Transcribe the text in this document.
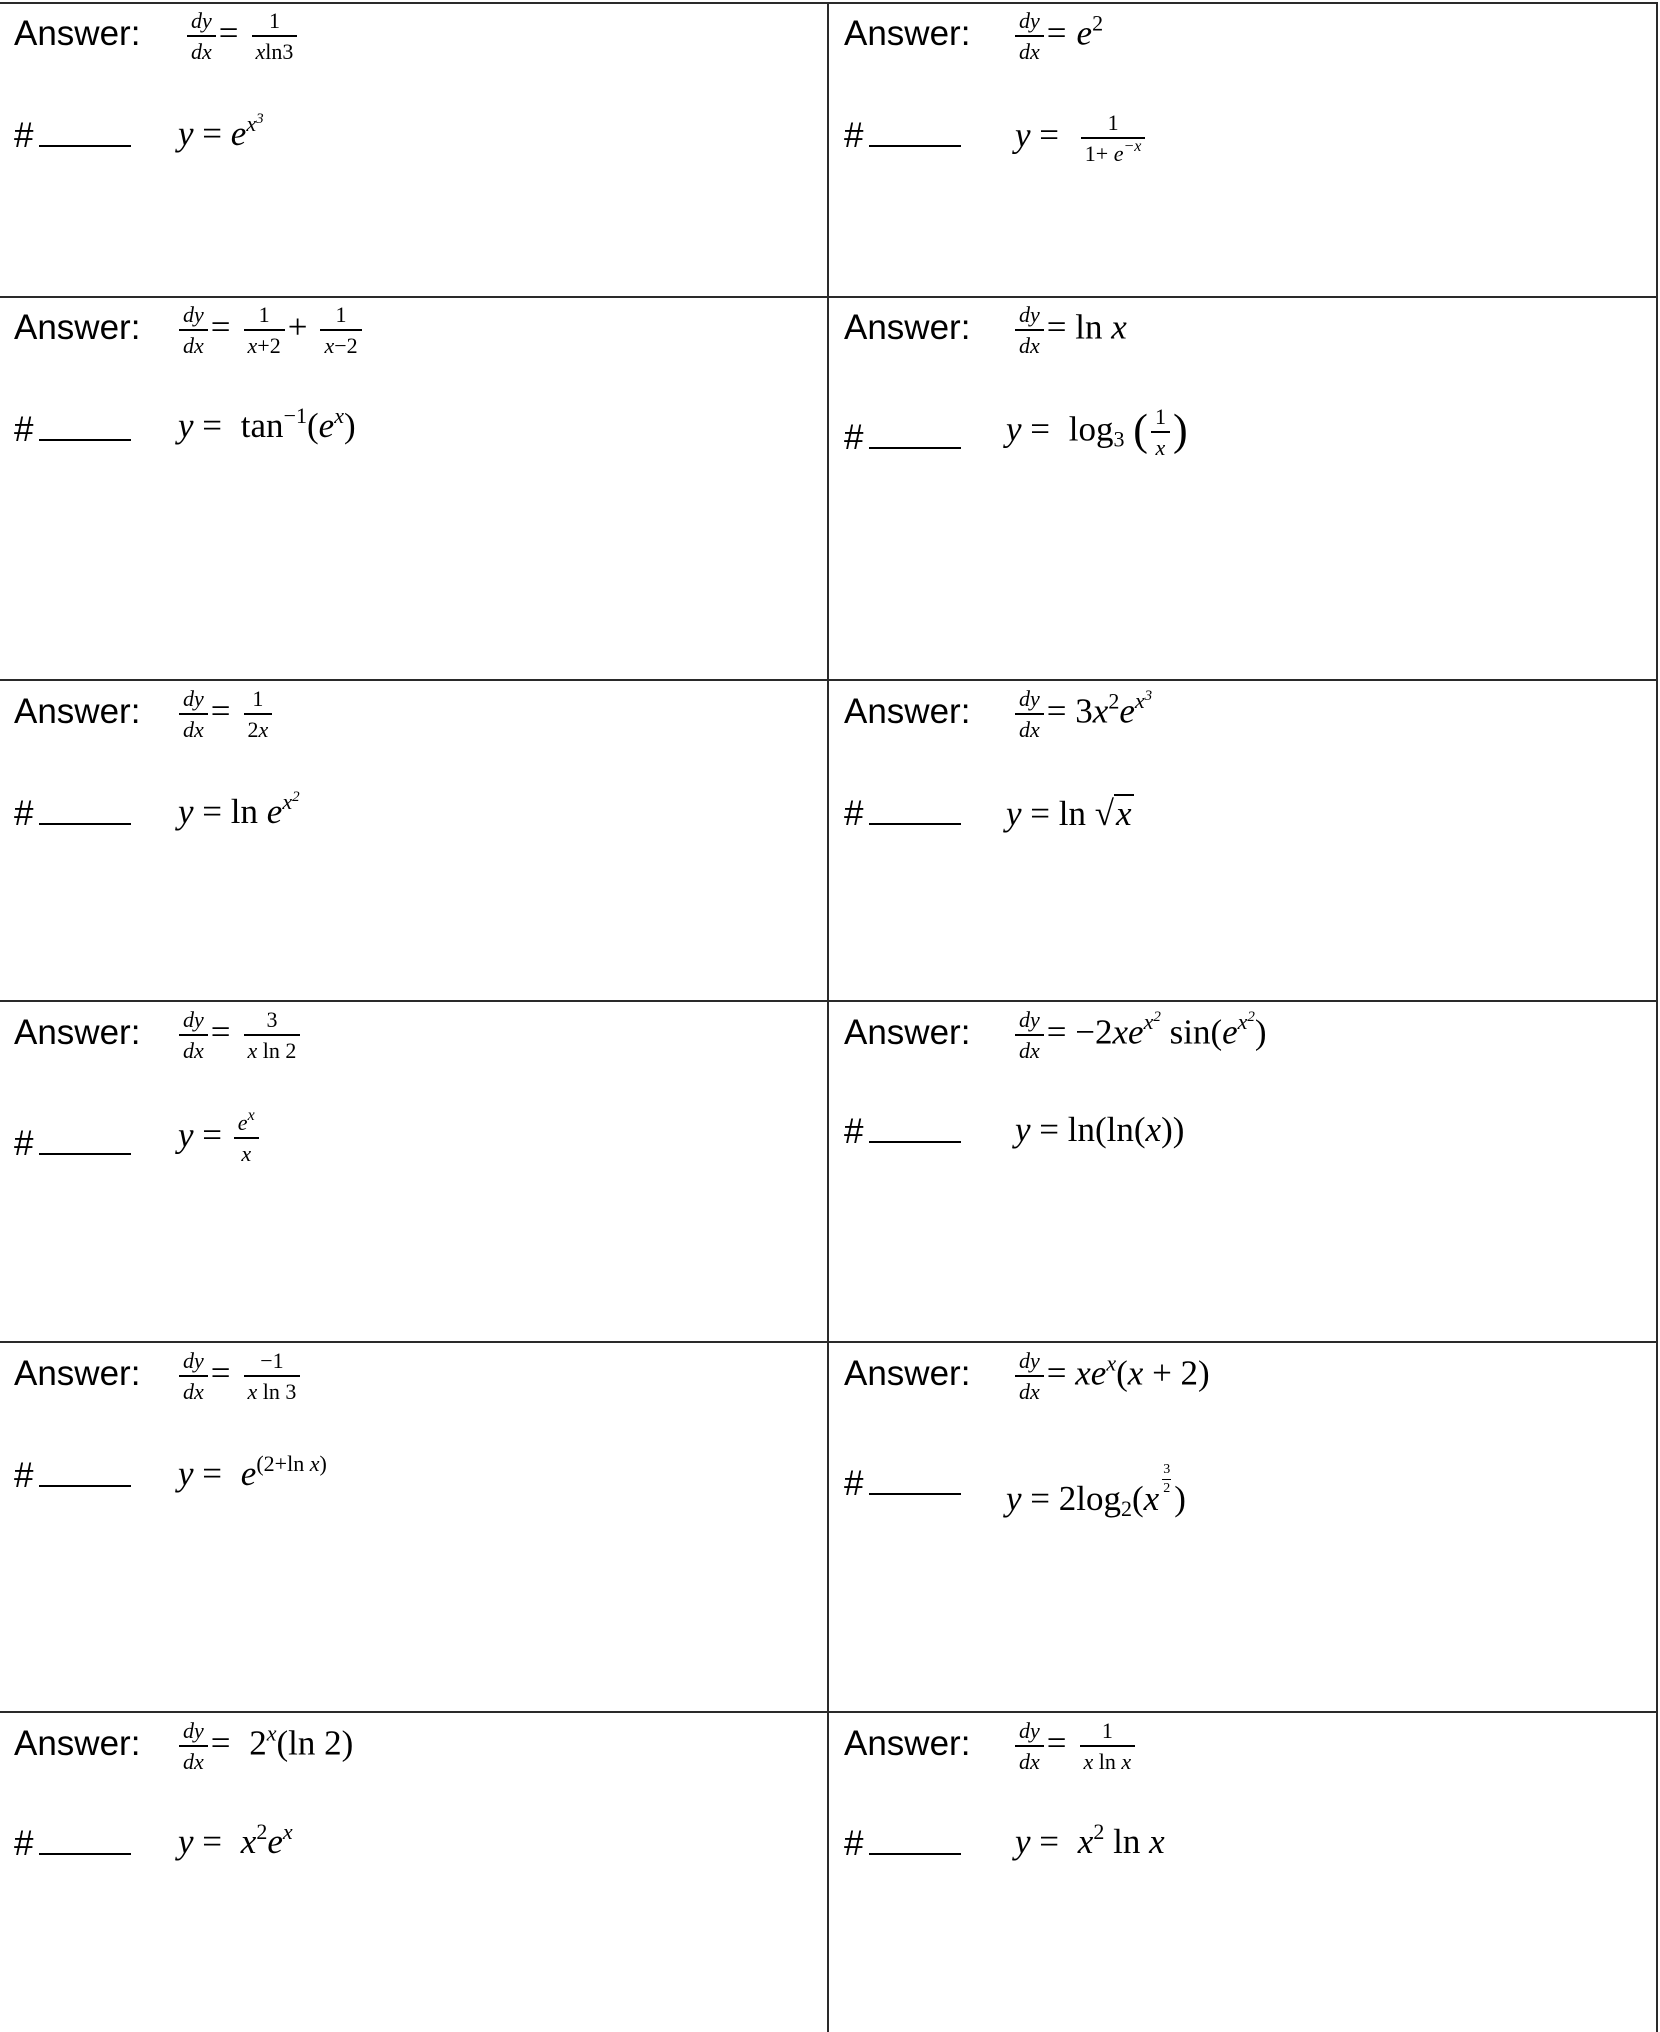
Answer: $\frac{dy}{dx} = \frac{1}{xln3}$
#	$y = e^{x^3}$
Answer: $\frac{dy}{dx} = e^2$
#	$y = \frac{1}{1+ e^{-x}}$
Answer: $\frac{dy}{dx} = \frac{1}{x+2} + \frac{1}{x-2}$
#	$y = \tan^{-1}(e^x)$
Answer: $\frac{dy}{dx} = \ln x$
#	$y = \log_3$ ( $\frac{1}{x}$ )
Answer: $\frac{dy}{dx} = \frac{1}{2x}$
#	$y = \ln e^{x^2}$
Answer: $\frac{dy}{dx} = 3x^2e^{x^3}$
#	y = ln √x
Answer: $\frac{dy}{dx} = \frac{3}{\text{x ln 2}}$
#	$y = \frac{e^x}{x}$
Answer: $\frac{dy}{dx} = -2xe^{x^2}$ $\sin(e^{x^2})$
#	y = ln(ln(x))
Answer: $\frac{dy}{dx} = \frac{-1}{\text{x ln 3}}$
#	$y = e^{(2+ln x)}$
Answer: $\frac{dy}{dx} = xe^x(x + 2)$
#	$y = 2\log_2(x$ $^{\frac{3}{2}}$ )
Answer: $\frac{dy}{dx} = 2^x(\ln$ 2)
#	$y = x^2e^x$
Answer: $\frac{dy}{dx} = \frac{1}{\text{x ln x}}$
#	$y = x^2$ ln x
